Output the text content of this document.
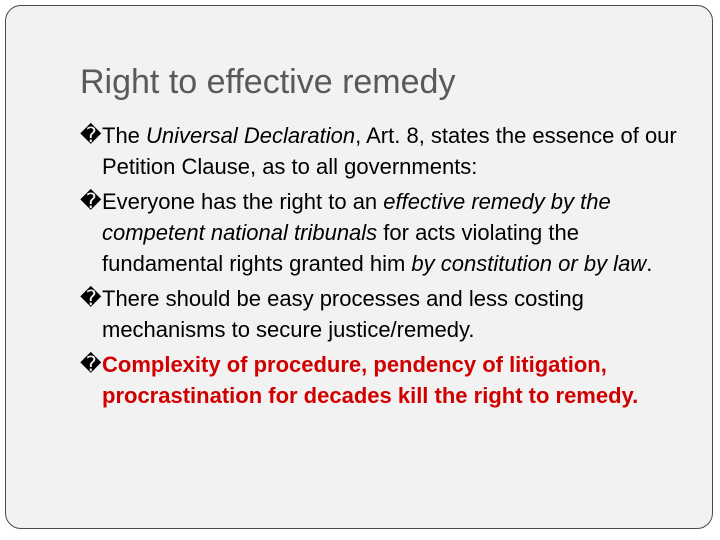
Right to effective remedy
� The Universal Declaration, Art. 8, states the essence of our Petition Clause, as to all governments:
� Everyone has the right to an effective remedy by the competent national tribunals for acts violating the fundamental rights granted him by constitution or by law.
� There should be easy processes and less costing mechanisms to secure justice/remedy.
� Complexity of procedure, pendency of litigation, procrastination for decades kill the right to remedy.
